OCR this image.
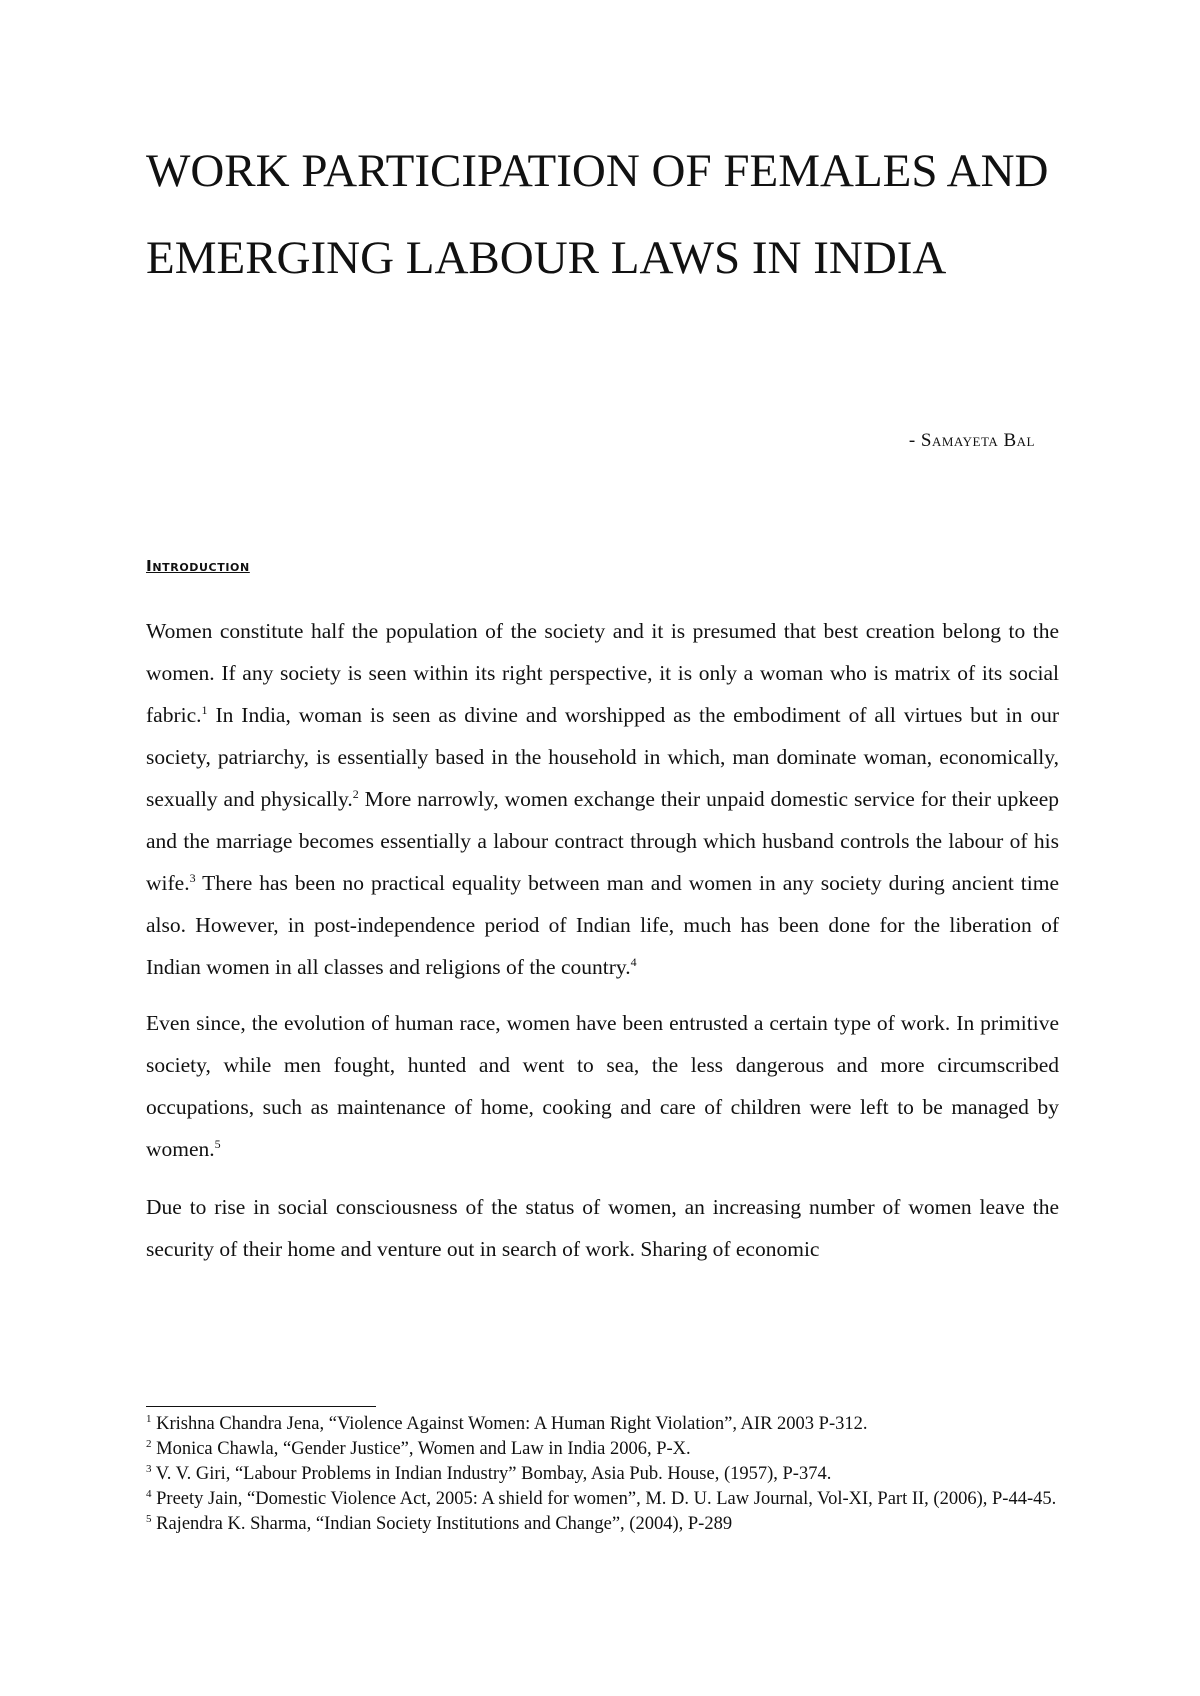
WORK PARTICIPATION OF FEMALES AND EMERGING LABOUR LAWS IN INDIA
- Samayeta Bal
Introduction

Women constitute half the population of the society and it is presumed that best creation belong to the women. If any society is seen within its right perspective, it is only a woman who is matrix of its social fabric.$^1$ In India, woman is seen as divine and worshipped as the embodiment of all virtues but in our society, patriarchy, is essentially based in the household in which, man dominate woman, economically, sexually and physically.$^2$ More narrowly, women exchange their unpaid domestic service for their upkeep and the marriage becomes essentially a labour contract through which husband controls the labour of his wife.$^3$ There has been no practical equality between man and women in any society during ancient time also. However, in post-independence period of Indian life, much has been done for the liberation of Indian women in all classes and religions of the country.$^4$

Even since, the evolution of human race, women have been entrusted a certain type of work. In primitive society, while men fought, hunted and went to sea, the less dangerous and more circumscribed occupations, such as maintenance of home, cooking and care of children were left to be managed by women.$^5$

Due to rise in social consciousness of the status of women, an increasing number of women leave the security of their home and venture out in search of work. Sharing of economic

$^1$ Krishna Chandra Jena, “Violence Against Women: A Human Right Violation”, AIR 2003 P-312.

$^2$ Monica Chawla, “Gender Justice”, Women and Law in India 2006, P-X.

$^3$ V. V. Giri, “Labour Problems in Indian Industry” Bombay, Asia Pub. House, (1957), P-374.

$^4$ Preety Jain, “Domestic Violence Act, 2005: A shield for women”, M. D. U. Law Journal, Vol-XI, Part II, (2006), P-44-45.

$^5$ Rajendra K. Sharma, “Indian Society Institutions and Change”, (2004), P-289
